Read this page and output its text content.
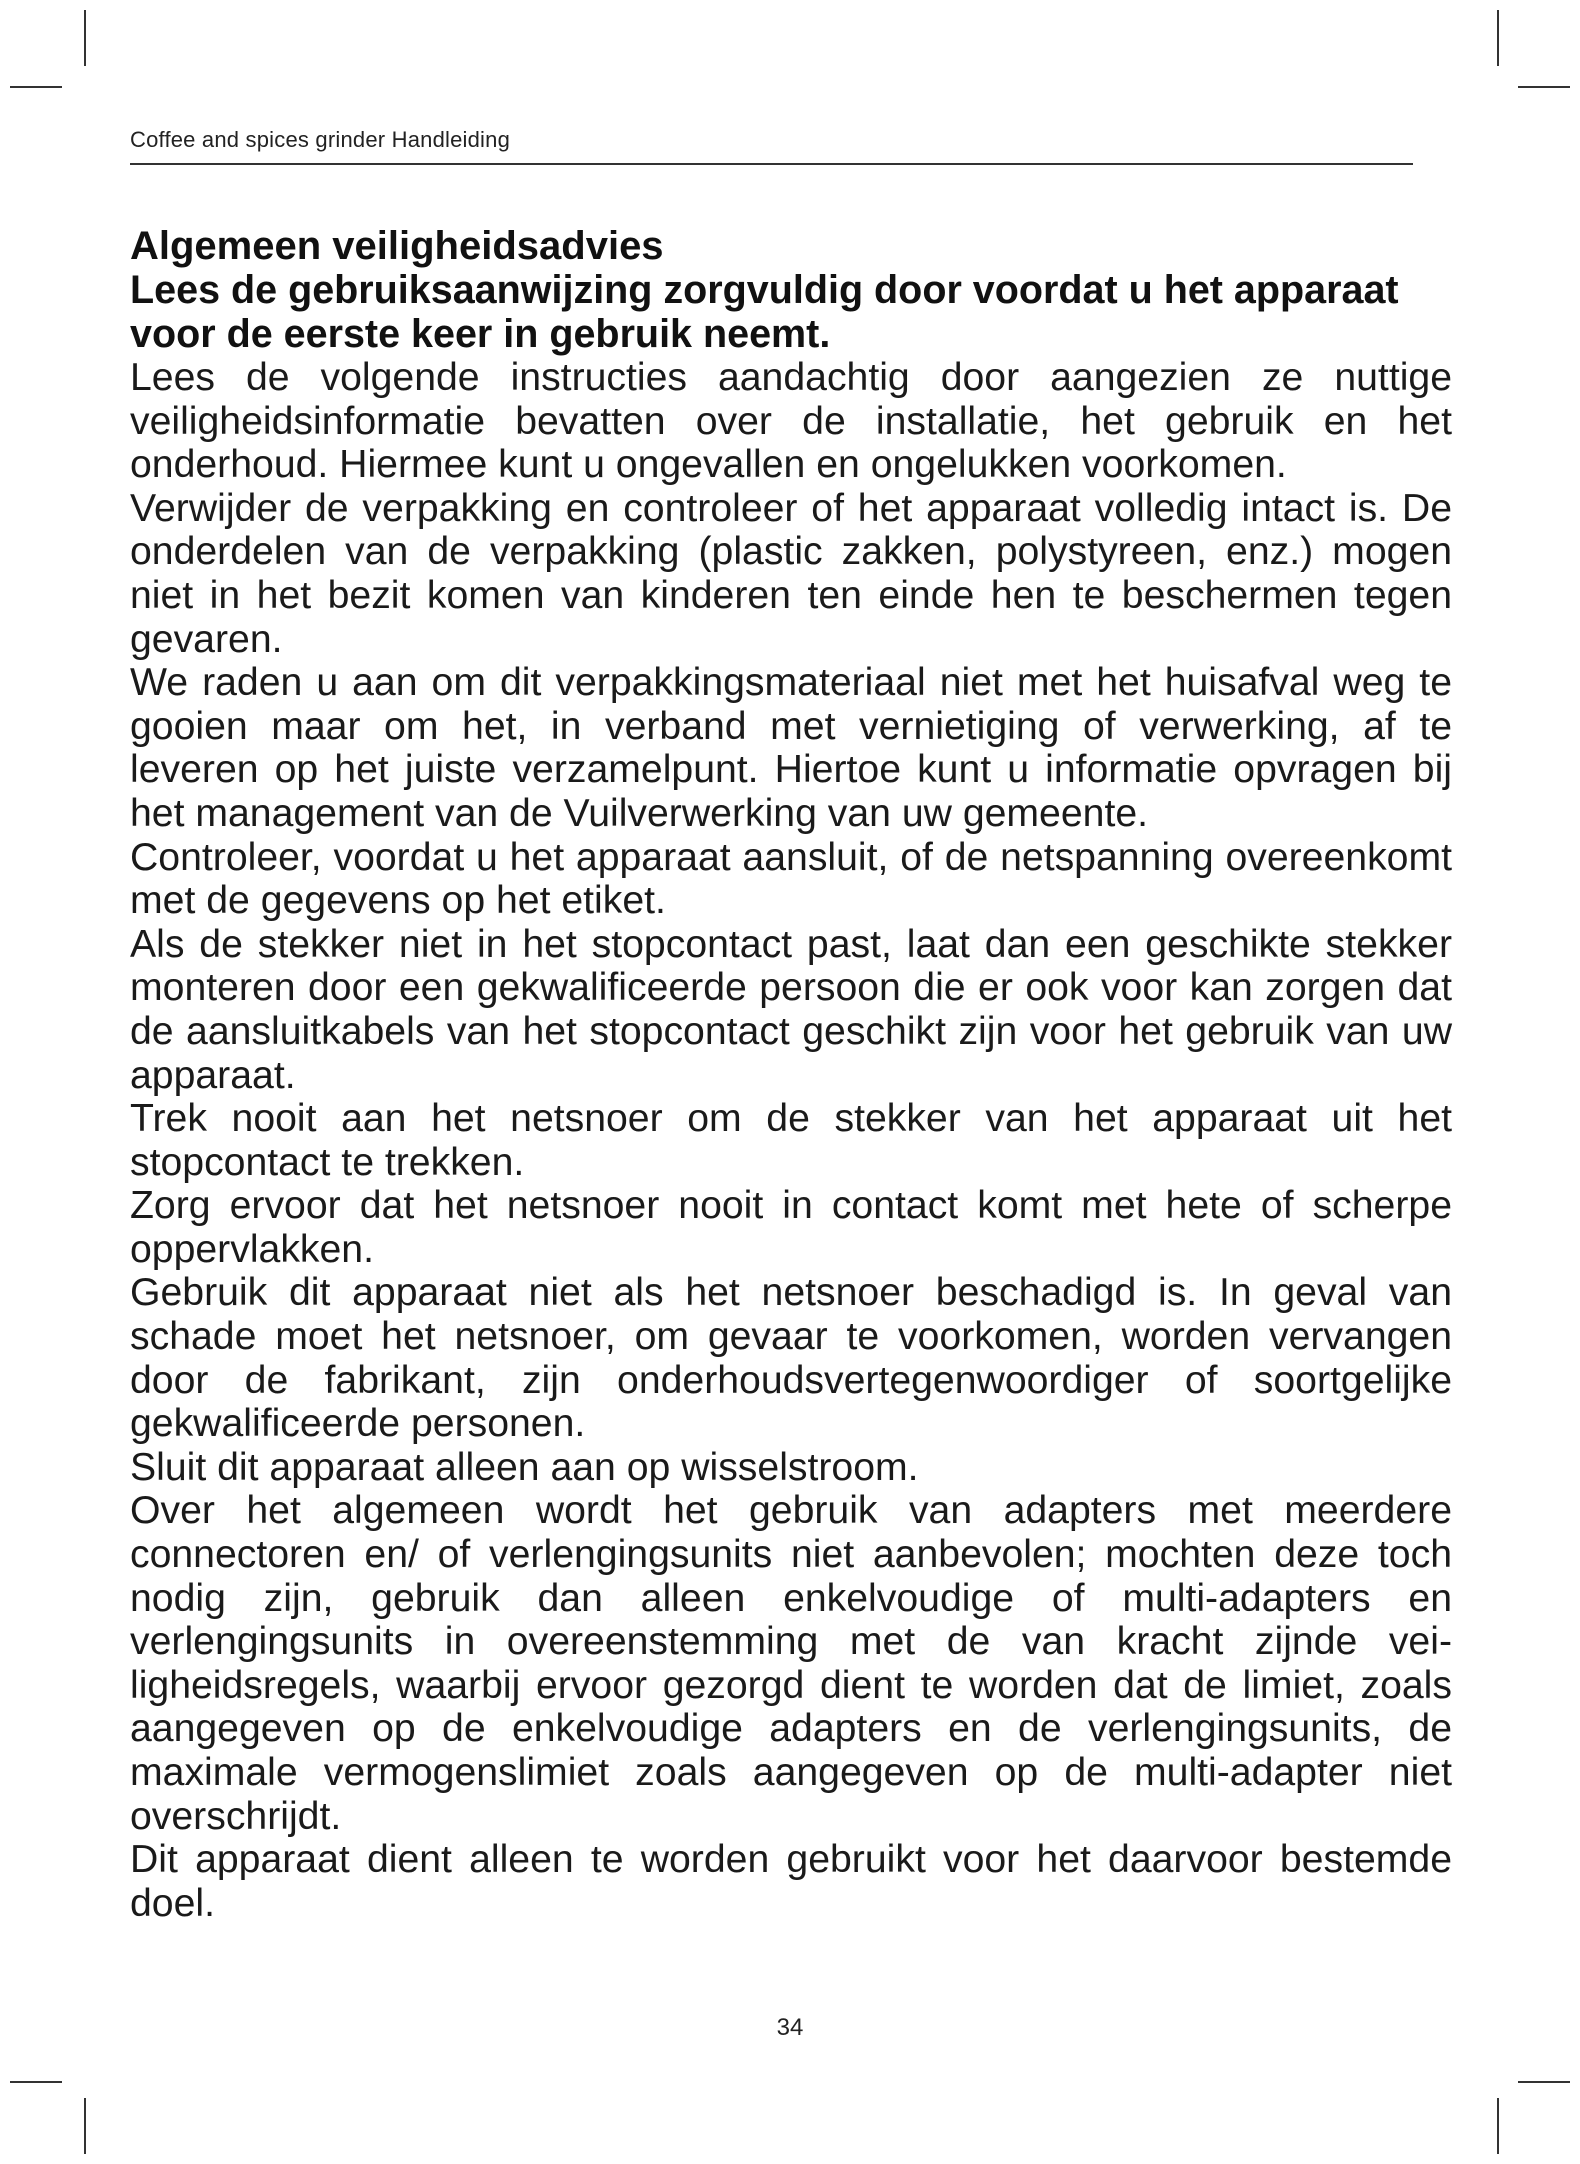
Coffee and spices grinder Handleiding
Algemeen veiligheidsadvies
Lees de gebruiksaanwijzing zorgvuldig door voordat u het apparaat voor de eerste keer in gebruik neemt.

Lees de volgende instructies aandachtig door aangezien ze nuttige veiligheidsinformatie bevatten over de installatie, het gebruik en het onderhoud. Hiermee kunt u ongevallen en ongelukken voorkomen.

Verwijder de verpakking en controleer of het apparaat volledig intact is. De onderdelen van de verpakking (plastic zakken, polystyreen, enz.) mogen niet in het bezit komen van kinderen ten einde hen te beschermen tegen gevaren.

We raden u aan om dit verpakkingsmateriaal niet met het huisafval weg te gooien maar om het, in verband met vernietiging of verwerking, af te leveren op het juiste verzamelpunt. Hiertoe kunt u informatie opvragen bij het management van de Vuilverwerking van uw gemeente.

Controleer, voordat u het apparaat aansluit, of de netspanning overeenkomt met de gegevens op het etiket.

Als de stekker niet in het stopcontact past, laat dan een geschikte stekker monteren door een gekwalificeerde persoon die er ook voor kan zorgen dat de aansluitkabels van het stopcontact geschikt zijn voor het gebruik van uw apparaat.

Trek nooit aan het netsnoer om de stekker van het apparaat uit het stopcontact te trekken.

Zorg ervoor dat het netsnoer nooit in contact komt met hete of scherpe oppervlakken.

Gebruik dit apparaat niet als het netsnoer beschadigd is. In geval van schade moet het netsnoer, om gevaar te voorkomen, worden vervangen door de fabrikant, zijn onderhoudsvertegenwoordiger of soortgelijke gekwalificeerde personen.

Sluit dit apparaat alleen aan op wisselstroom.

Over het algemeen wordt het gebruik van adapters met meerdere connectoren en/ of verlengingsunits niet aanbevolen; mochten deze toch nodig zijn, gebruik dan alleen enkelvoudige of multi-adapters en verlengingsunits in overeenstemming met de van kracht zijnde veiligheidsregels, waarbij ervoor gezorgd dient te worden dat de limiet, zoals aangegeven op de enkelvoudige adapters en de verlengingsunits, de maximale vermogenslimiet zoals aangegeven op de multi-adapter niet overschrijdt.

Dit apparaat dient alleen te worden gebruikt voor het daarvoor bestemde doel.

34
